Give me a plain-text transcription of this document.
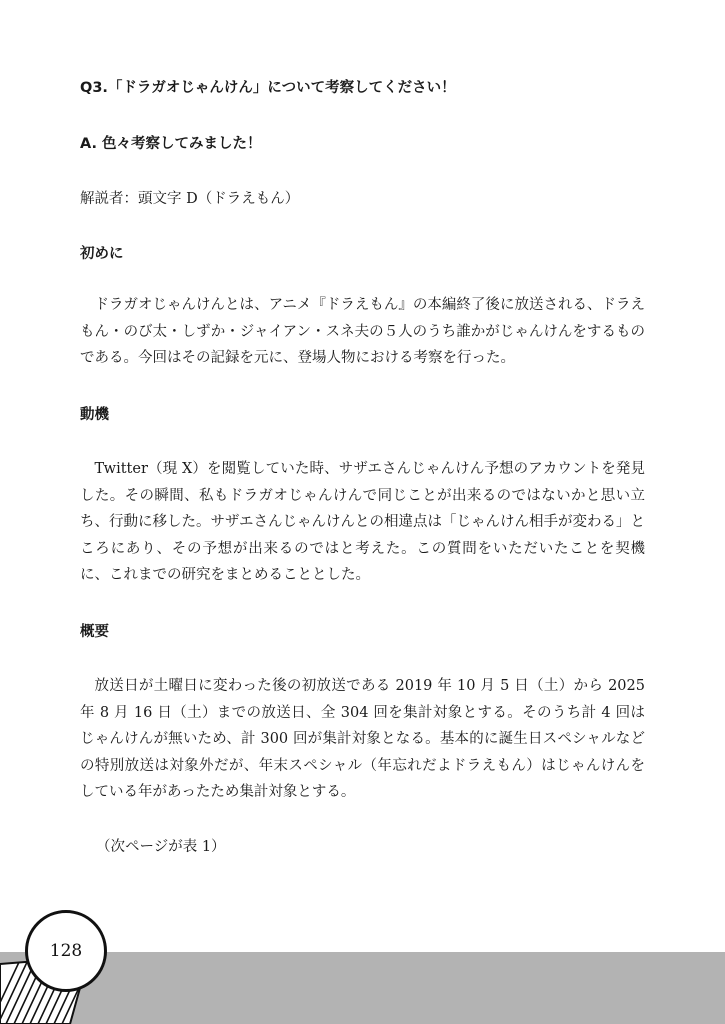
Q3.「ドラガオじゃんけん」について考察してください！
A. 色々考察してみました！

解説者：頭文字 D（ドラえもん）

初めに

ドラガオじゃんけんとは、アニメ『ドラえもん』の本編終了後に放送される、ドラえもん・のび太・しずか・ジャイアン・スネ夫の５人のうち誰かがじゃんけんをするものである。今回はその記録を元に、登場人物における考察を行った。

動機

Twitter（現 X）を閲覧していた時、サザエさんじゃんけん予想のアカウントを発見した。その瞬間、私もドラガオじゃんけんで同じことが出来るのではないかと思い立ち、行動に移した。サザエさんじゃんけんとの相違点は「じゃんけん相手が変わる」ところにあり、その予想が出来るのではと考えた。この質問をいただいたことを契機に、これまでの研究をまとめることとした。

概要

放送日が土曜日に変わった後の初放送である 2019 年 10 月 5 日（土）から 2025 年 8 月 16 日（土）までの放送日、全 304 回を集計対象とする。そのうち計 4 回はじゃんけんが無いため、計 300 回が集計対象となる。基本的に誕生日スペシャルなどの特別放送は対象外だが、年末スペシャル（年忘れだよドラえもん）はじゃんけんをしている年があったため集計対象とする。

（次ページが表 1）

128
